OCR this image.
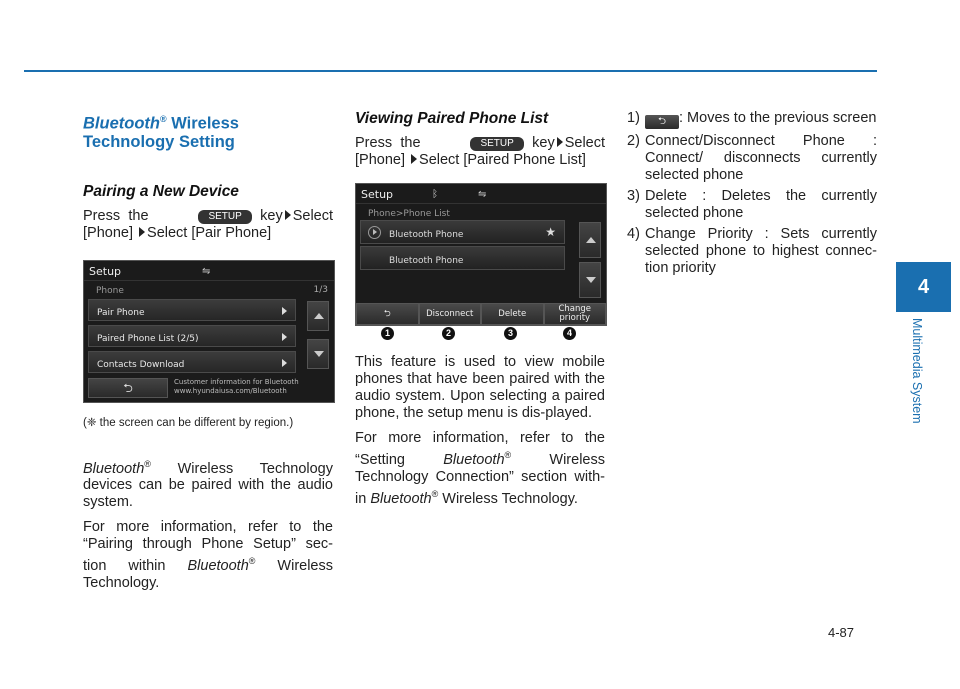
Bluetooth® Wireless
Technology Setting
Pairing a New Device

Press the	SETUP key Select [Phone] Select [Pair Phone]

Setup	⇋
Phone	1/3
Pair Phone
Paired Phone List (2/5)
Contacts Download
⮌	Customer information for Bluetooth
www.hyundaiusa.com/Bluetooth
(❈ the screen can be different by region.)

Bluetooth® Wireless Technology devices can be paired with the audio system.

For more information, refer to the “Pairing through Phone Setup” sec-tion within Bluetooth® Wireless Technology.

Viewing Paired Phone List

Press the	SETUP key Select [Phone] Select [Paired Phone List]

Setup	ᛒ	⇋
Phone>Phone List
Bluetooth Phone	★
Bluetooth Phone
⮌	Disconnect	Delete	Change priority
1	2	3	4

This feature is used to view mobile phones that have been paired with the audio system. Upon selecting a paired phone, the setup menu is dis-played.

For more information, refer to the “Setting	Bluetooth® Wireless Technology Connection” section with-in Bluetooth® Wireless Technology.

1) ⮌ : Moves to the previous screen
2) Connect/Disconnect Phone : Connect/ disconnects currently selected phone
3) Delete : Deletes the currently selected phone
4) Change Priority : Sets currently selected phone to highest connec-tion priority
4
Multimedia System
4-87
